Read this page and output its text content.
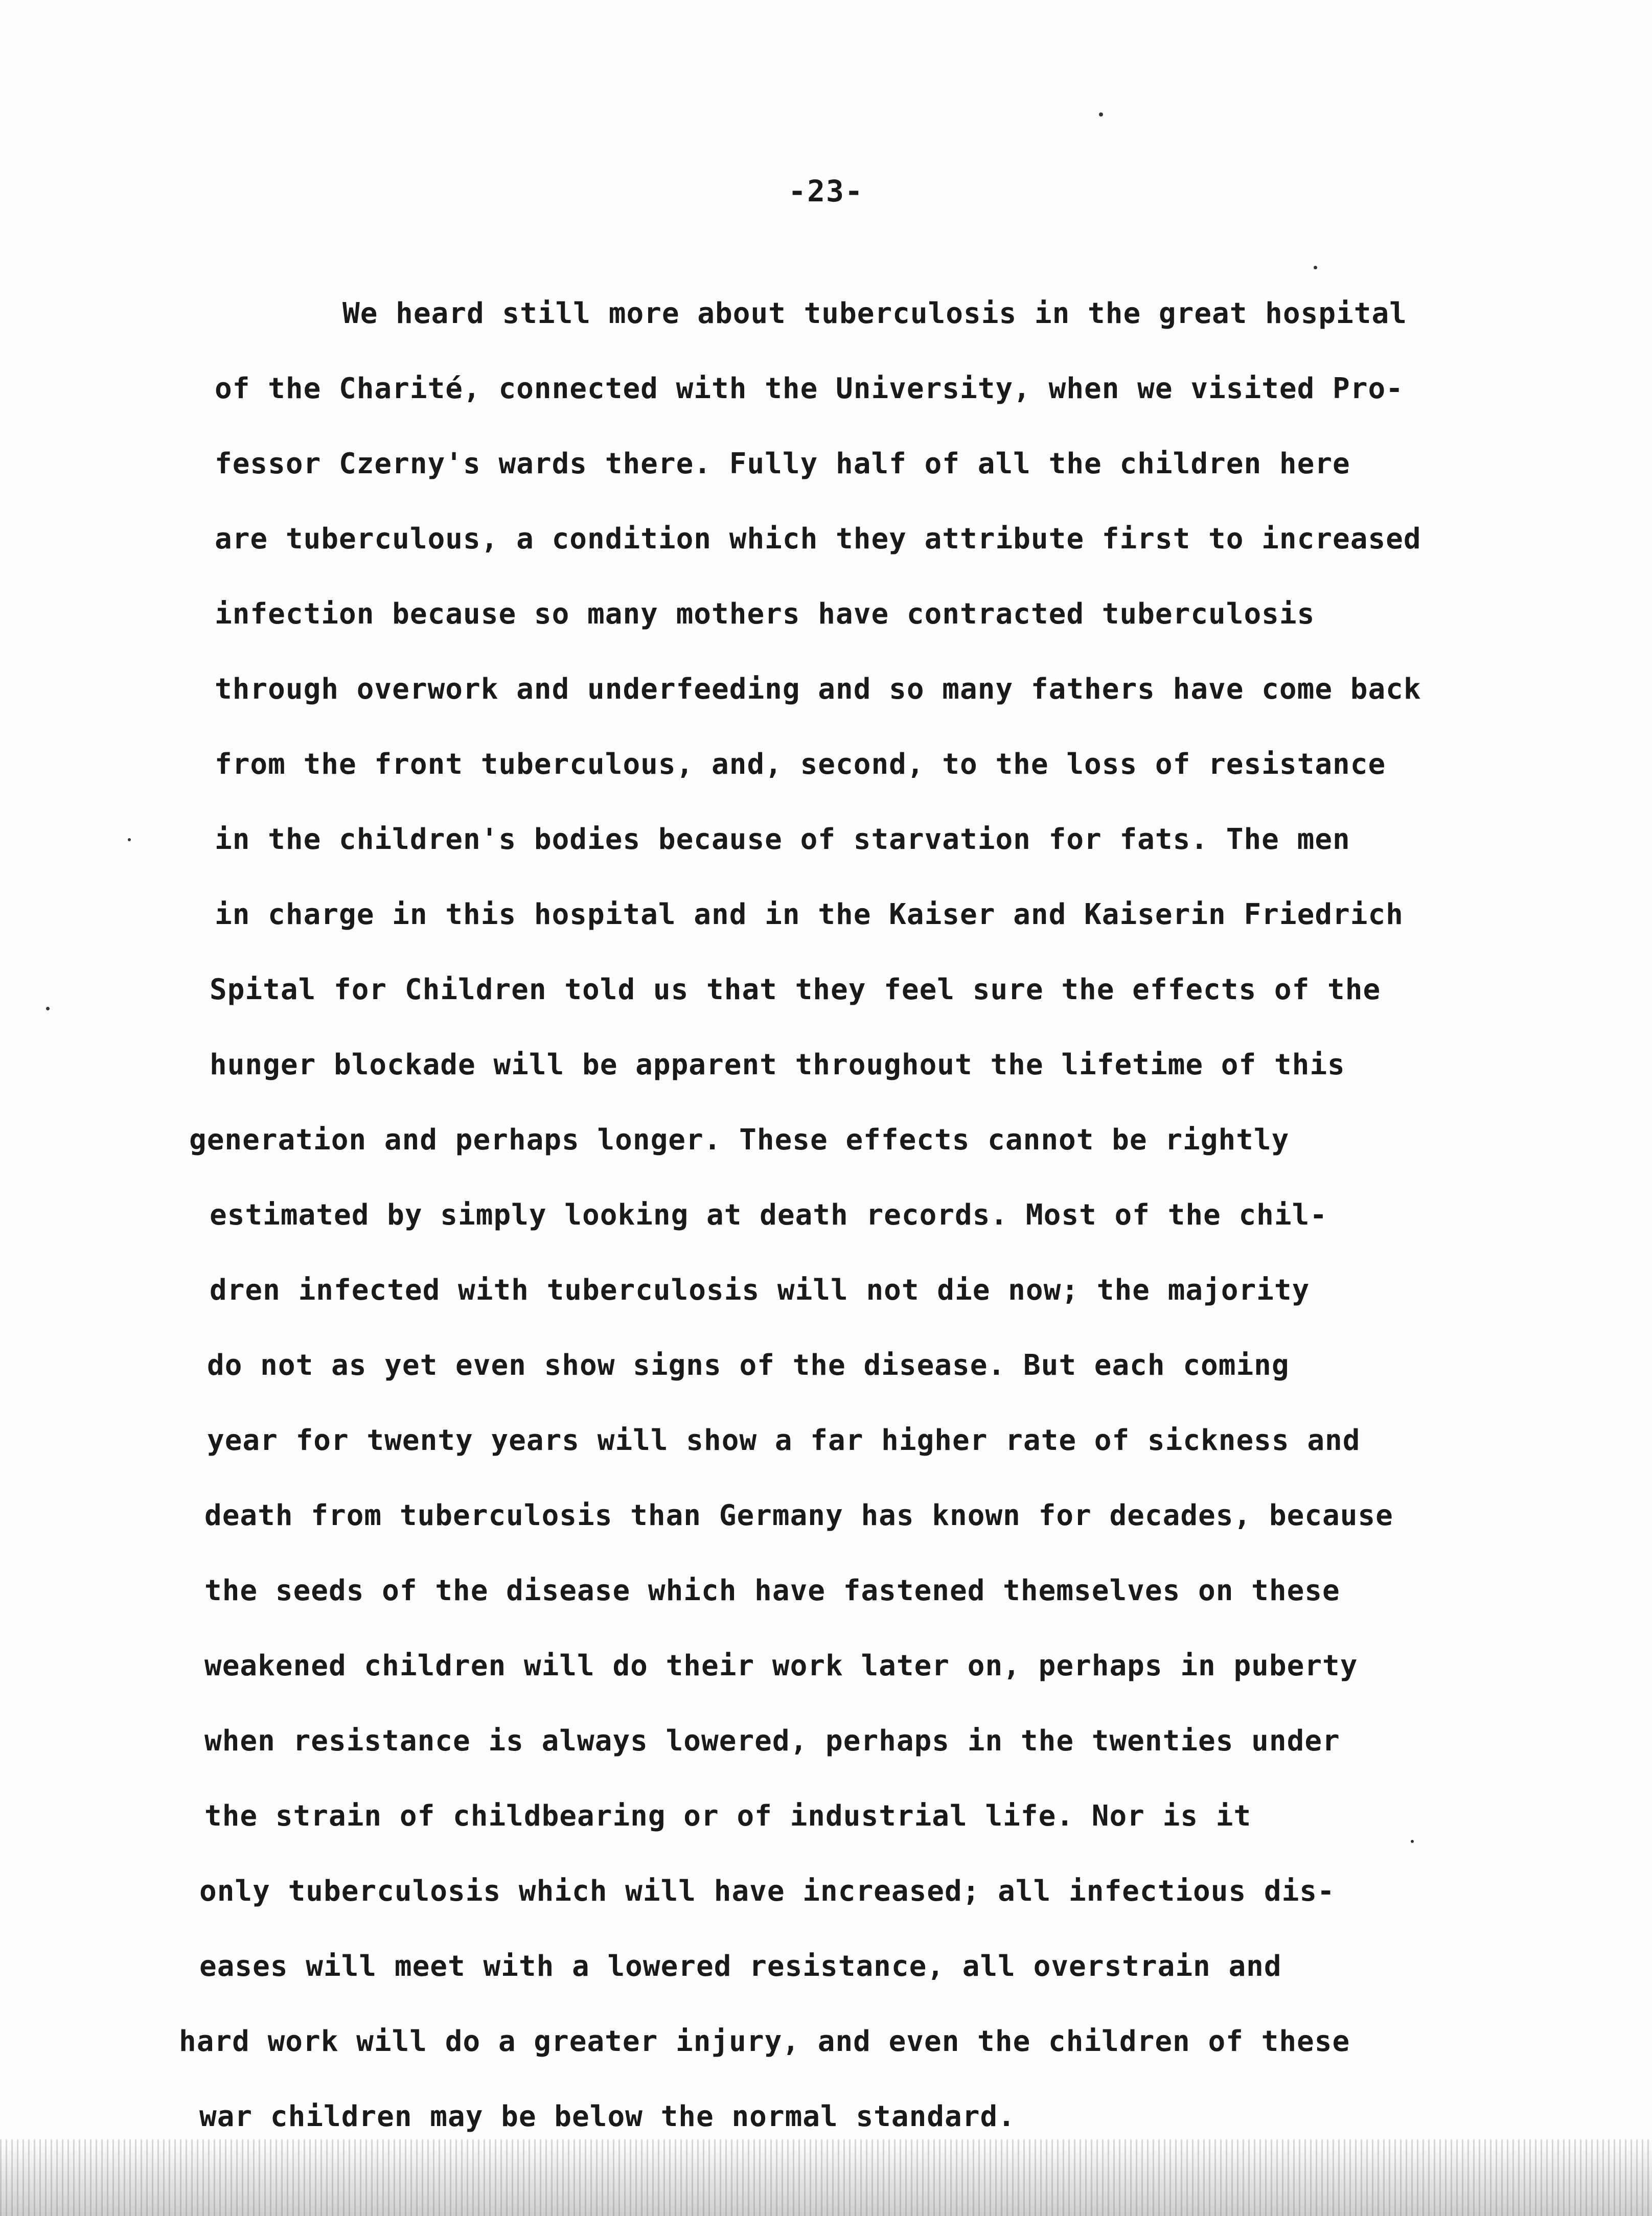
-23-
We heard still more about tuberculosis in the great hospital
of the Charité, connected with the University, when we visited Pro-
fessor Czerny's wards there. Fully half of all the children here
are tuberculous, a condition which they attribute first to increased
infection because so many mothers have contracted tuberculosis
through overwork and underfeeding and so many fathers have come back
from the front tuberculous, and, second, to the loss of resistance
in the children's bodies because of starvation for fats. The men
in charge in this hospital and in the Kaiser and Kaiserin Friedrich
Spital for Children told us that they feel sure the effects of the
hunger blockade will be apparent throughout the lifetime of this
generation and perhaps longer. These effects cannot be rightly
estimated by simply looking at death records. Most of the chil-
dren infected with tuberculosis will not die now; the majority
do not as yet even show signs of the disease. But each coming
year for twenty years will show a far higher rate of sickness and
death from tuberculosis than Germany has known for decades, because
the seeds of the disease which have fastened themselves on these
weakened children will do their work later on, perhaps in puberty
when resistance is always lowered, perhaps in the twenties under
the strain of childbearing or of industrial life. Nor is it
only tuberculosis which will have increased; all infectious dis-
eases will meet with a lowered resistance, all overstrain and
hard work will do a greater injury, and even the children of these
war children may be below the normal standard.
